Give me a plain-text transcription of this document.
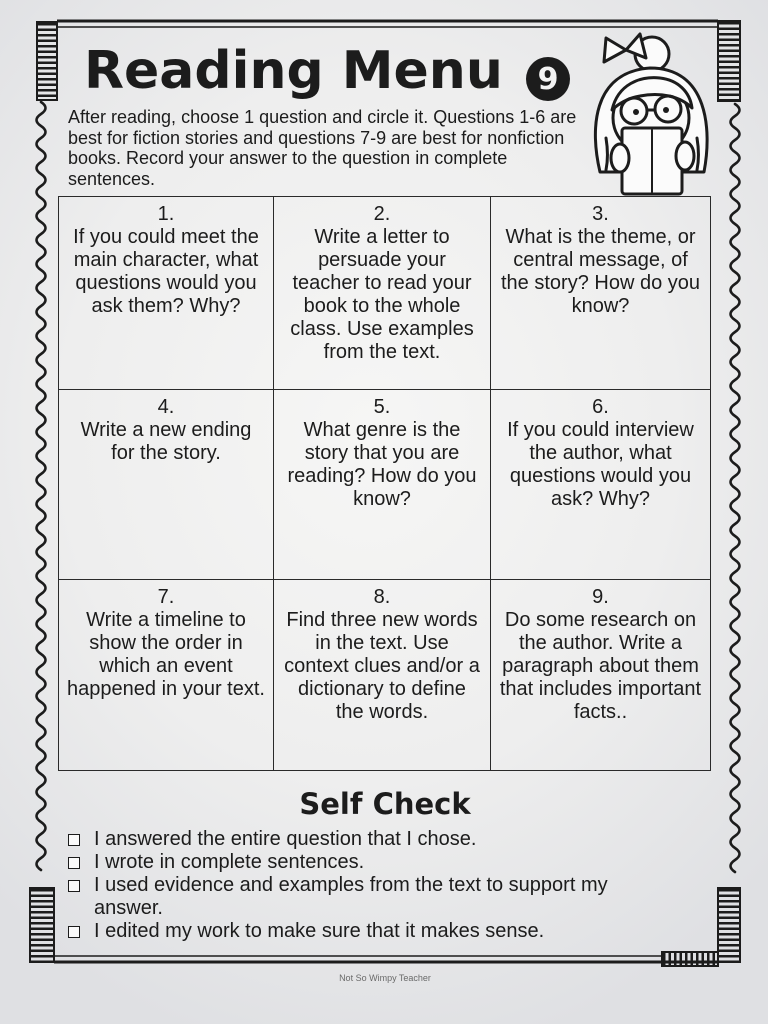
Reading Menu 9

After reading, choose 1 question and circle it. Questions 1-6 are best for fiction stories and questions 7-9 are best for nonfiction books. Record your answer to the question in complete sentences.

1.
If you could meet the main character, what questions would you ask them? Why?
2.
Write a letter to persuade your teacher to read your book to the whole class. Use examples from the text.
3.
What is the theme, or central message, of the story? How do you know?
4.
Write a new ending for the story.
5.
What genre is the story that you are reading? How do you know?
6.
If you could interview the author, what questions would you ask? Why?
7.
Write a timeline to show the order in which an event happened in your text.
8.
Find three new words in the text. Use context clues and/or a dictionary to define the words.
9.
Do some research on the author. Write a paragraph about them that includes important facts..
Self Check
I answered the entire question that I chose.
I wrote in complete sentences.
I used evidence and examples from the text to support my answer.
I edited my work to make sure that it makes sense.
Not So Wimpy Teacher
